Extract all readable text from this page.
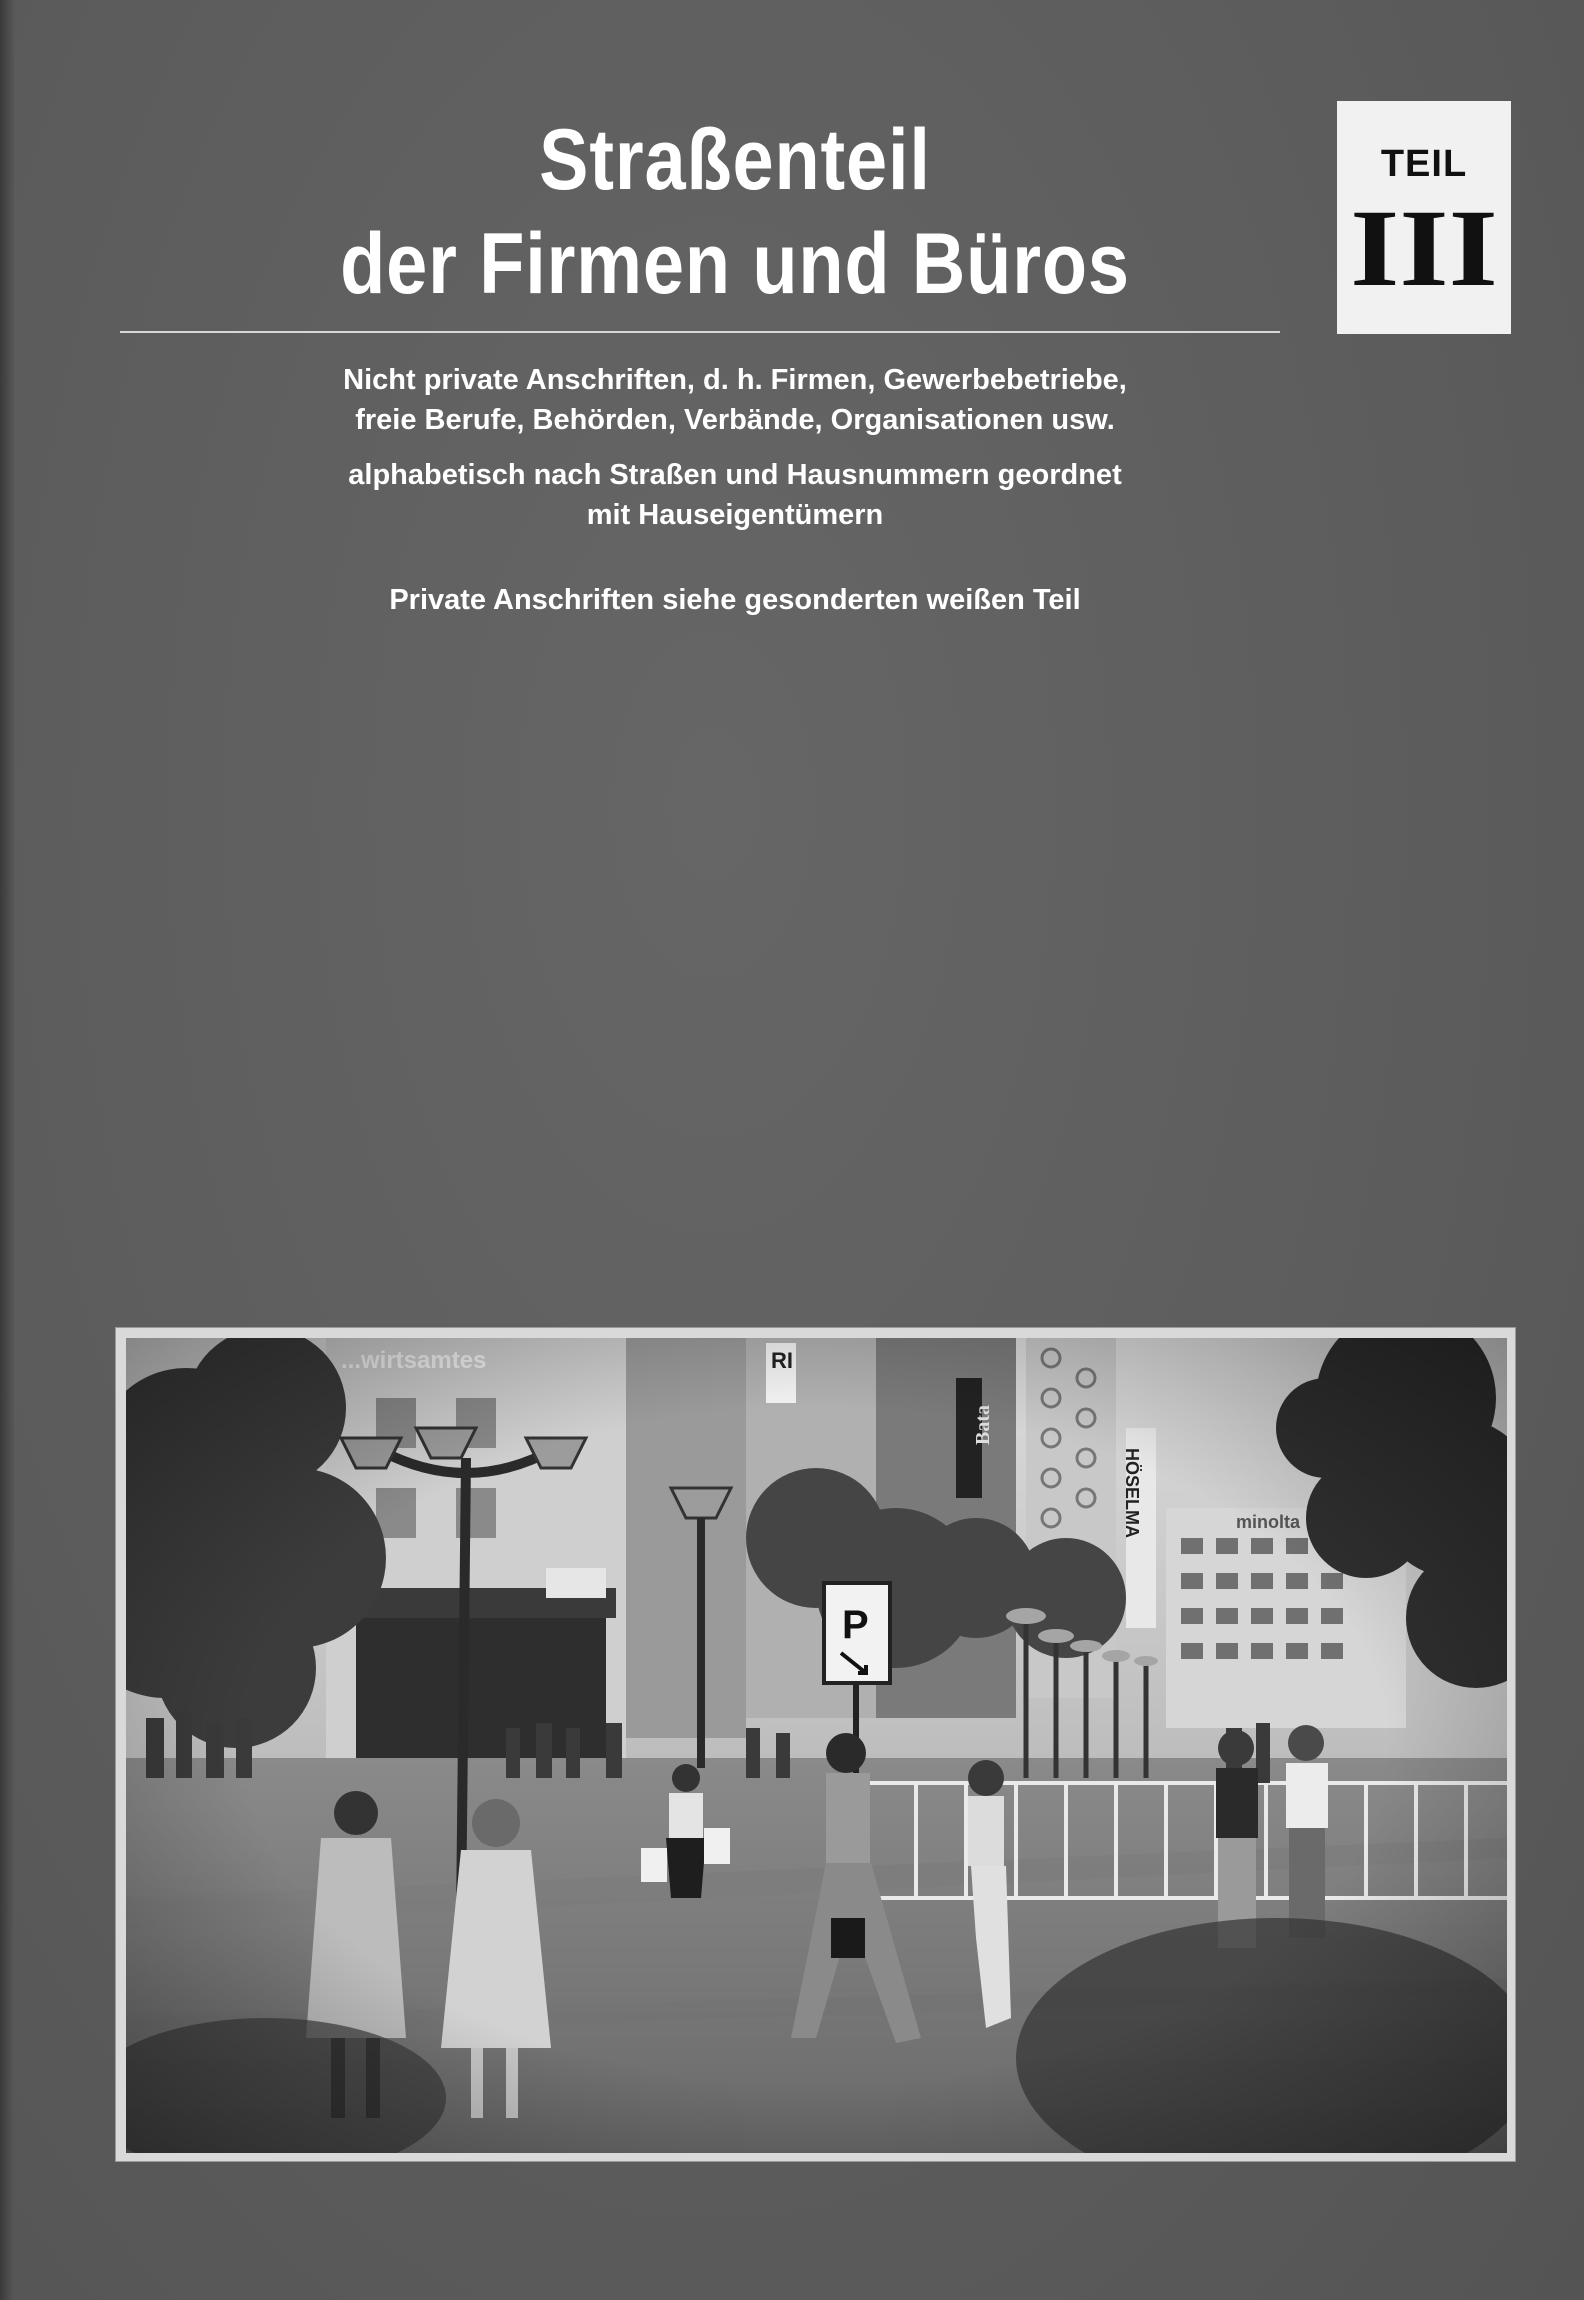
Straßenteil
der Firmen und Büros
TEIL
III

Nicht private Anschriften, d. h. Firmen, Gewerbebetriebe,
freie Berufe, Behörden, Verbände, Organisationen usw.

alphabetisch nach Straßen und Hausnummern geordnet
mit Hauseigentümern

Private Anschriften siehe gesonderten weißen Teil
